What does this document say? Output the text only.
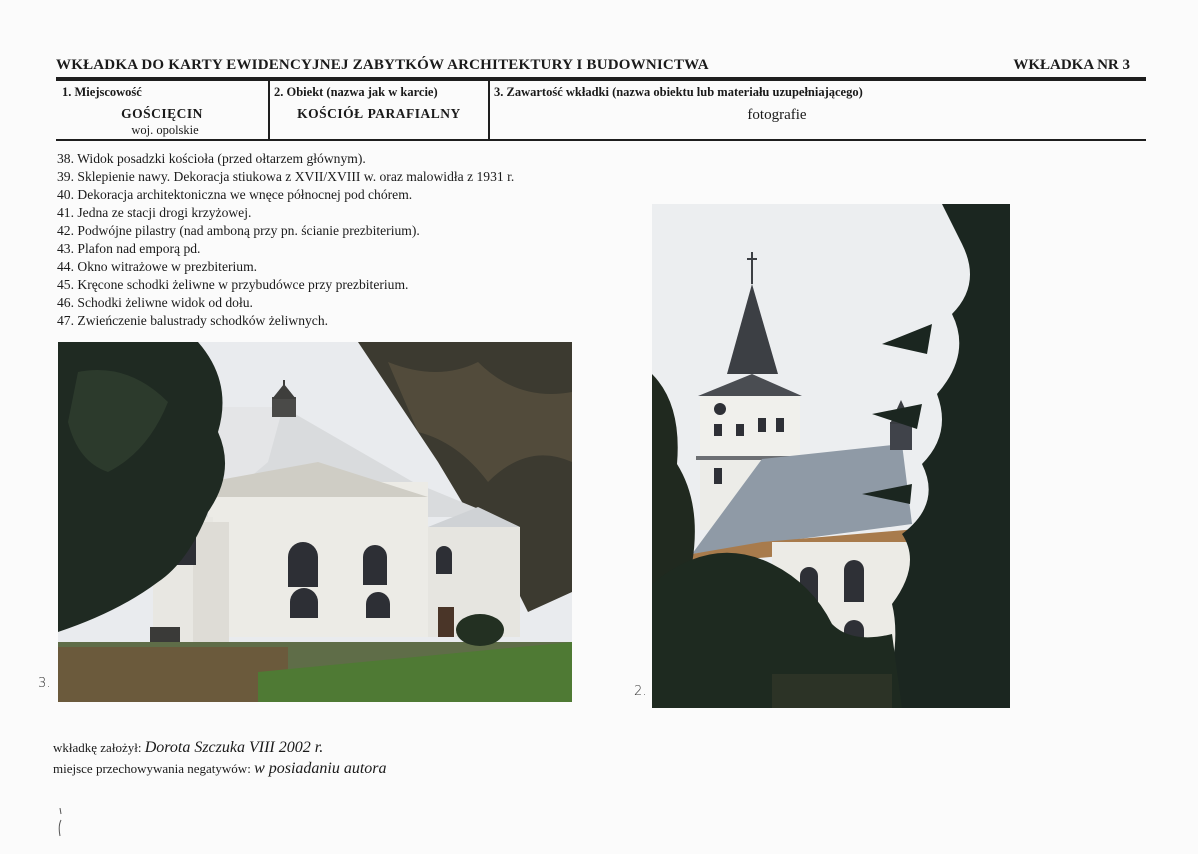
WKŁADKA DO KARTY EWIDENCYJNEJ ZABYTKÓW ARCHITEKTURY I BUDOWNICTWA	WKŁADKA NR 3
1. Miejscowość
GOŚCIĘCIN
woj. opolskie
2. Obiekt (nazwa jak w karcie)
KOŚCIÓŁ PARAFIALNY
3. Zawartość wkładki (nazwa obiektu lub materiału uzupełniającego)
fotografie
38. Widok posadzki kościoła (przed ołtarzem głównym).
39. Sklepienie nawy. Dekoracja stiukowa z XVII/XVIII w. oraz malowidła z 1931 r.
40. Dekoracja architektoniczna we wnęce północnej pod chórem.
41. Jedna ze stacji drogi krzyżowej.
42. Podwójne pilastry (nad amboną przy pn. ścianie prezbiterium).
43. Plafon nad emporą pd.
44. Okno witrażowe w prezbiterium.
45. Kręcone schodki żeliwne w przybudówce przy prezbiterium.
46. Schodki żeliwne widok od dołu.
47. Zwieńczenie balustrady schodków żeliwnych.
3.
2.
wkładkę założył: Dorota Szczuka VIII 2002 r.
miejsce przechowywania negatywów: w posiadaniu autora
